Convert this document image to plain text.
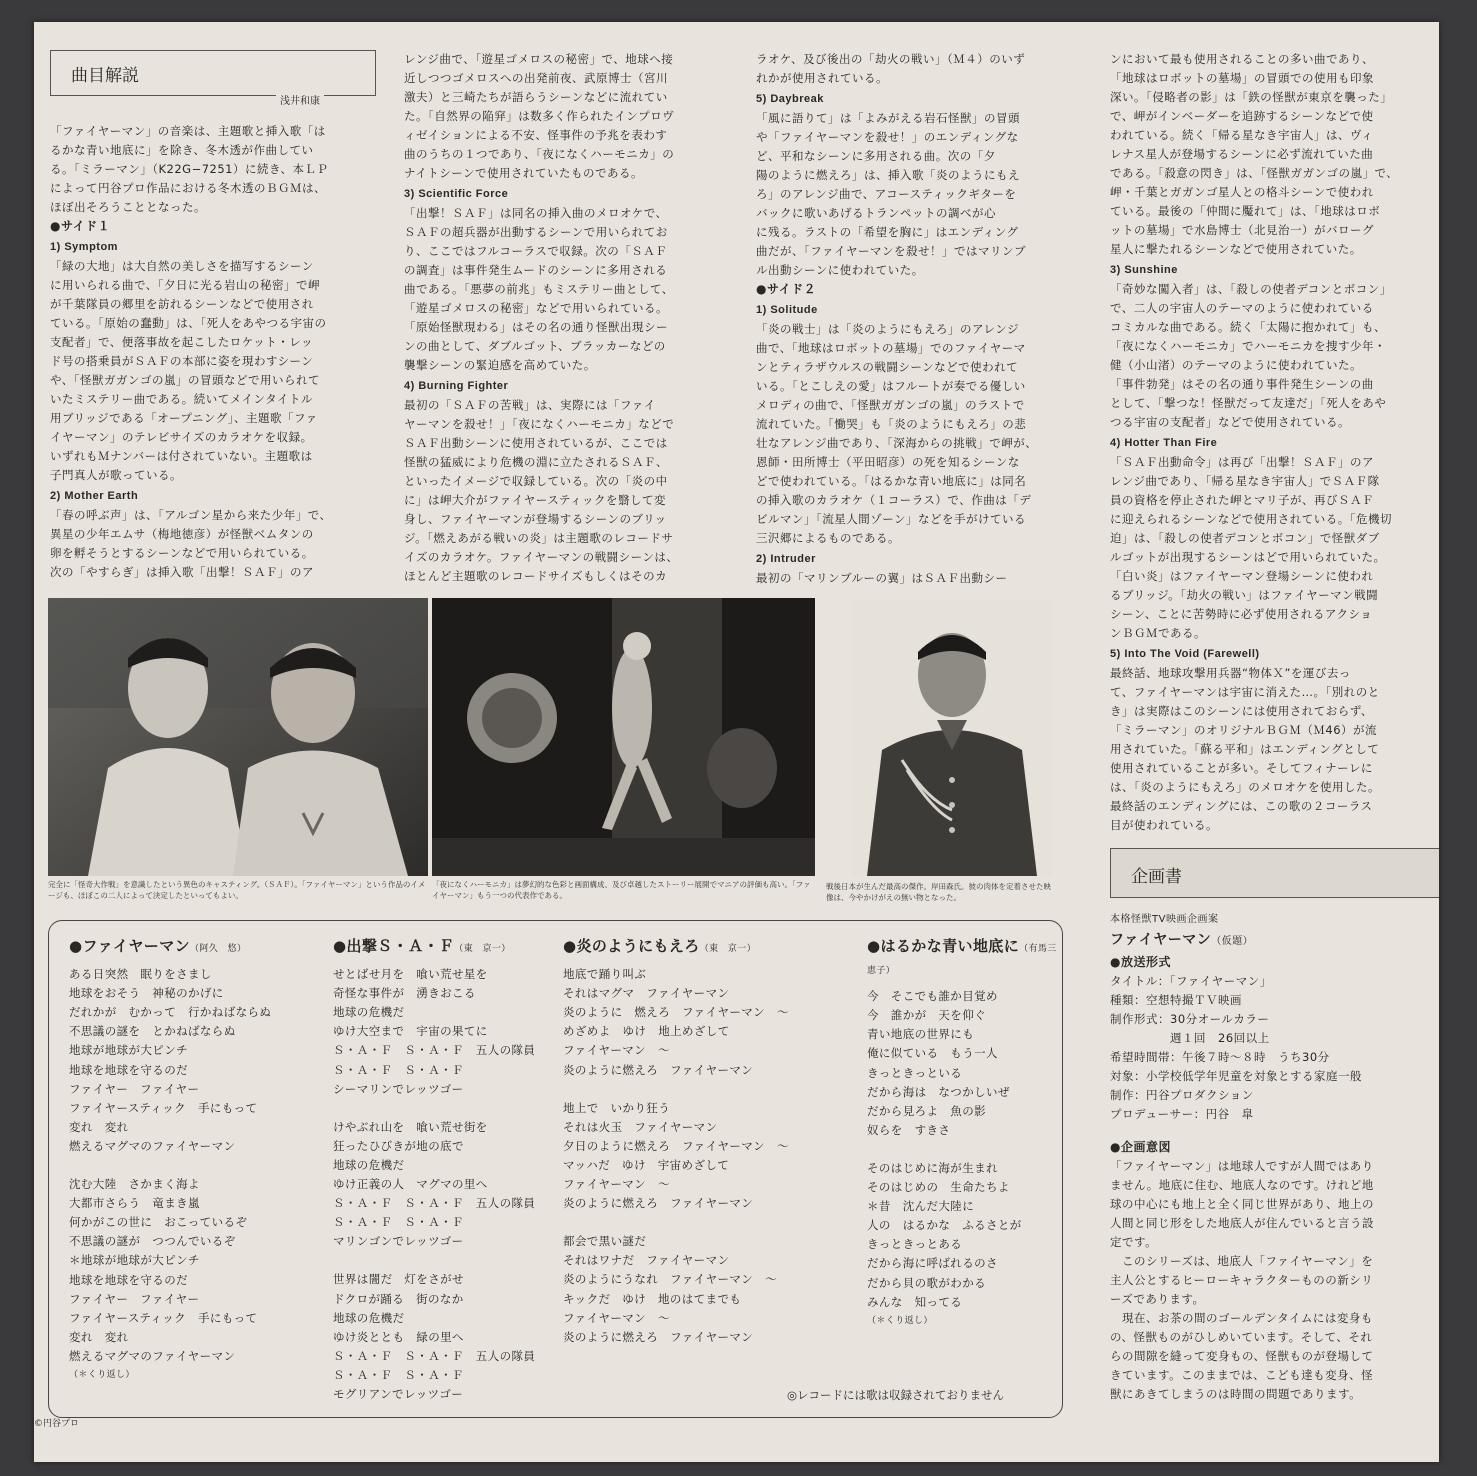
曲目解説
浅井和康

「ファイヤーマン」の音楽は、主題歌と挿入歌「は

るかな青い地底に」を除き、冬木透が作曲してい

る。「ミラーマン」（K22G−7251）に続き、本ＬＰ

によって円谷プロ作品における冬木透のＢＧＭは、

ほぼ出そろうこととなった。

●サイド１

1) Symptom

「緑の大地」は大自然の美しさを描写するシーン

に用いられる曲で、「夕日に光る岩山の秘密」で岬

が千葉隊員の郷里を訪れるシーンなどで使用され

ている。「原始の蠢動」は、「死人をあやつる宇宙の

支配者」で、便落事故を起こしたロケット・レッ

ド号の搭乗員がＳＡＦの本部に姿を現わすシーン

や、「怪獣ガガンゴの嵐」の冒頭などで用いられて

いたミステリー曲である。続いてメインタイトル

用ブリッジである「オープニング」、主題歌「ファ

イヤーマン」のテレビサイズのカラオケを収録。

いずれもＭナンバーは付されていない。主題歌は

子門真人が歌っている。

2) Mother Earth

「春の呼ぶ声」は、「アルゴン星から来た少年」で、

異星の少年エムサ（梅地徳彦）が怪獣ベムタンの

卵を孵そうとするシーンなどで用いられている。

次の「やすらぎ」は挿入歌「出撃！ＳＡＦ」のア

レンジ曲で、「遊星ゴメロスの秘密」で、地球へ接

近しつつゴメロスへの出発前夜、武原博士（宮川

激夫）と三崎たちが語らうシーンなどに流れてい

た。「自然界の陥穽」は数多く作られたインプロヴ

ィゼイションによる不安、怪事件の予兆を表わす

曲のうちの１つであり、「夜になくハーモニカ」の

ナイトシーンで使用されていたものである。

3) Scientific Force

「出撃！ＳＡＦ」は同名の挿入曲のメロオケで、

ＳＡＦの超兵器が出動するシーンで用いられてお

り、ここではフルコーラスで収録。次の「ＳＡＦ

の調査」は事件発生ムードのシーンに多用される

曲である。「悪夢の前兆」もミステリー曲として、

「遊星ゴメロスの秘密」などで用いられている。

「原始怪獣現わる」はその名の通り怪獣出現シー

ンの曲として、ダブルゴット、ブラッカーなどの

襲撃シーンの緊迫感を高めていた。

4) Burning Fighter

最初の「ＳＡＦの苦戦」は、実際には「ファイ

ヤーマンを殺せ！」「夜になくハーモニカ」などで

ＳＡＦ出動シーンに使用されているが、ここでは

怪獣の猛威により危機の淵に立たされるＳＡＦ、

といったイメージで収録している。次の「炎の中

に」は岬大介がファイヤースティックを翳して変

身し、ファイヤーマンが登場するシーンのブリッ

ジ。「燃えあがる戦いの炎」は主題歌のレコードサ

イズのカラオケ。ファイヤーマンの戦闘シーンは、

ほとんど主題歌のレコードサイズもしくはそのカ

ラオケ、及び後出の「劫火の戦い」（Ｍ４）のいず

れかが使用されている。

5) Daybreak

「風に語りて」は「よみがえる岩石怪獣」の冒頭

や「ファイヤーマンを殺せ！」のエンディングな

ど、平和なシーンに多用される曲。次の「夕

陽のように燃えろ」は、挿入歌「炎のようにもえ

ろ」のアレンジ曲で、アコースティックギターを

バックに歌いあげるトランペットの調べが心

に残る。ラストの「希望を胸に」はエンディング

曲だが、「ファイヤーマンを殺せ！」ではマリンブ

ル出動シーンに使われていた。

●サイド２

1) Solitude

「炎の戦士」は「炎のようにもえろ」のアレンジ

曲で、「地球はロボットの墓場」でのファイヤーマ

ンとティラザウルスの戦闘シーンなどで使われて

いる。「とこしえの愛」はフルートが奏でる優しい

メロディの曲で、「怪獣ガガンゴの嵐」のラストで

流れていた。「慟哭」も「炎のようにもえろ」の悲

壮なアレンジ曲であり、「深海からの挑戦」で岬が、

恩師・田所博士（平田昭彦）の死を知るシーンな

どで使われている。「はるかな青い地底に」は同名

の挿入歌のカラオケ（１コーラス）で、作曲は「デ

ビルマン」「流星人間ゾーン」などを手がけている

三沢郷によるものである。

2) Intruder

最初の「マリンブルーの翼」はＳＡＦ出動シー

ンにおいて最も使用されることの多い曲であり、

「地球はロボットの墓場」の冒頭での使用も印象

深い。「侵略者の影」は「鉄の怪獣が東京を襲った」

で、岬がインベーダーを追跡するシーンなどで使

われている。続く「帰る星なき宇宙人」は、ヴィ

レナス星人が登場するシーンに必ず流れていた曲

である。「殺意の閃き」は、「怪獣ガガンゴの嵐」で、

岬・千葉とガガンゴ星人との格斗シーンで使われ

ている。最後の「仲間に魘れて」は、「地球はロボ

ットの墓場」で水島博士（北見治一）がバローグ

星人に撃たれるシーンなどで使用されていた。

3) Sunshine

「奇妙な闖入者」は、「殺しの使者デコンとボコン」

で、二人の宇宙人のテーマのように使われている

コミカルな曲である。続く「太陽に抱かれて」も、

「夜になくハーモニカ」でハーモニカを捜す少年・

健（小山渚）のテーマのように使われていた。

「事件勃発」はその名の通り事件発生シーンの曲

として、「撃つな！怪獣だって友達だ」「死人をあや

つる宇宙の支配者」などで使用されている。

4) Hotter Than Fire

「ＳＡＦ出動命令」は再び「出撃！ＳＡＦ」のア

レンジ曲であり、「帰る星なき宇宙人」でＳＡＦ隊

員の資格を停止された岬とマリ子が、再びＳＡＦ

に迎えられるシーンなどで使用されている。「危機切

迫」は、「殺しの使者デコンとボコン」で怪獣ダブ

ルゴットが出現するシーンはどで用いられていた。

「白い炎」はファイヤーマン登場シーンに使われ

るブリッジ。「劫火の戦い」はファイヤーマン戦闘

シーン、ことに苦勢時に必ず使用されるアクショ

ンＢＧＭである。

5) Into The Void (Farewell)

最終話、地球攻撃用兵器“物体Ｘ”を運び去っ

て、ファイヤーマンは宇宙に消えた…。「別れのと

き」は実際はこのシーンには使用されておらず、

「ミラーマン」のオリジナルＢＧＭ（Ｍ46）が流

用されていた。「蘇る平和」はエンディングとして

使用されていることが多い。そしてフィナーレに

は、「炎のようにもえろ」のメロオケを使用した。

最終話のエンディングには、この歌の２コーラス

目が使われている。

完全に「怪奇大作戦」を意識したという異色のキャスティング。（ＳＡＦ）。「ファイヤーマン」という作品のイメージも、ほぼこの二人によって決定したといってもよい。
「夜になくハーモニカ」は夢幻的な色彩と画面構成、及び卓越したストーリー展開でマニアの評価も高い。「ファイヤーマン」もう一つの代表作である。
戦後日本が生んだ最高の傑作。岸田森氏。彼の肉体を定着させた映像は、今やかけがえの無い物となった。
●ファイヤーマン（阿久　悠）
ある日突然　眠りをさまし
地球をおそう　神秘のかげに
だれかが　むかって　行かねばならぬ
不思議の謎を　とかねばならぬ
地球が地球が大ピンチ
地球を地球を守るのだ
ファイヤー　ファイヤー
ファイヤースティック　手にもって
変れ　変れ
燃えるマグマのファイヤーマン
沈む大陸　さかまく海よ
大都市さらう　竜まき嵐
何かがこの世に　おこっているぞ
不思議の謎が　つつんでいるぞ
＊地球が地球が大ピンチ
地球を地球を守るのだ
ファイヤー　ファイヤー
ファイヤースティック　手にもって
変れ　変れ
燃えるマグマのファイヤーマン
（＊くり返し）
●出撃Ｓ・Ａ・Ｆ（東　京一）
せとばせ月を　喰い荒せ星を
奇怪な事件が　湧きおこる
地球の危機だ
ゆけ大空まで　宇宙の果てに
Ｓ・Ａ・Ｆ　Ｓ・Ａ・Ｆ　五人の隊員
Ｓ・Ａ・Ｆ　Ｓ・Ａ・Ｆ
シーマリンでレッツゴー
けやぶれ山を　喰い荒せ街を
狂ったひびきが地の底で
地球の危機だ
ゆけ正義の人　マグマの里へ
Ｓ・Ａ・Ｆ　Ｓ・Ａ・Ｆ　五人の隊員
Ｓ・Ａ・Ｆ　Ｓ・Ａ・Ｆ
マリンゴンでレッツゴー
世界は闇だ　灯をさがせ
ドクロが踊る　街のなか
地球の危機だ
ゆけ炎ととも　緑の里へ
Ｓ・Ａ・Ｆ　Ｓ・Ａ・Ｆ　五人の隊員
Ｓ・Ａ・Ｆ　Ｓ・Ａ・Ｆ
モグリアンでレッツゴー
●炎のようにもえろ（東　京一）
地底で踊り叫ぶ
それはマグマ　ファイヤーマン
炎のように　燃えろ　ファイヤーマン　〜
めざめよ　ゆけ　地上めざして
ファイヤーマン　〜
炎のように燃えろ　ファイヤーマン
地上で　いかり狂う
それは火玉　ファイヤーマン
夕日のように燃えろ　ファイヤーマン　〜
マッハだ　ゆけ　宇宙めざして
ファイヤーマン　〜
炎のように燃えろ　ファイヤーマン
都会で黒い謎だ
それはワナだ　ファイヤーマン
炎のようにうなれ　ファイヤーマン　〜
キックだ　ゆけ　地のはてまでも
ファイヤーマン　〜
炎のように燃えろ　ファイヤーマン
●はるかな青い地底に（有馬三恵子）
今　そこでも誰か目覚め
今　誰かが　天を仰ぐ
青い地底の世界にも
俺に似ている　もう一人
きっときっといる
だから海は　なつかしいぜ
だから見ろよ　魚の影
奴らを　すきさ
そのはじめに海が生まれ
そのはじめの　生命たちよ
＊昔　沈んだ大陸に
人の　はるかな　ふるさとが
きっときっとある
だから海に呼ばれるのさ
だから貝の歌がわかる
みんな　知ってる
（＊くり返し）
◎レコードには歌は収録されておりません
©円谷プロ
企画書

本格怪獣TV映画企画案

ファイヤーマン（仮題）

●放送形式

タイトル：「ファイヤーマン」

種類：空想特撮ＴＶ映画

制作形式：30分オールカラー

　　　　　週１回　26回以上

希望時間帯：午後７時〜８時　うち30分

対象：小学校低学年児童を対象とする家庭一般

制作：円谷プロダクション

プロデューサー：円谷　皐

●企画意図

「ファイヤーマン」は地球人ですが人間ではあり

ません。地底に住む、地底人なのです。けれど地

球の中心にも地上と全く同じ世界があり、地上の

人間と同じ形をした地底人が住んでいると言う設

定です。

　このシリーズは、地底人「ファイヤーマン」を

主人公とするヒーローキャラクターものの新シリ

ーズであります。

　現在、お茶の間のゴールデンタイムには変身も

の、怪獣ものがひしめいています。そして、それ

らの間隙を縫って変身もの、怪獣ものが登場して

きています。このままでは、こども達も変身、怪

獣にあきてしまうのは時間の問題であります。
